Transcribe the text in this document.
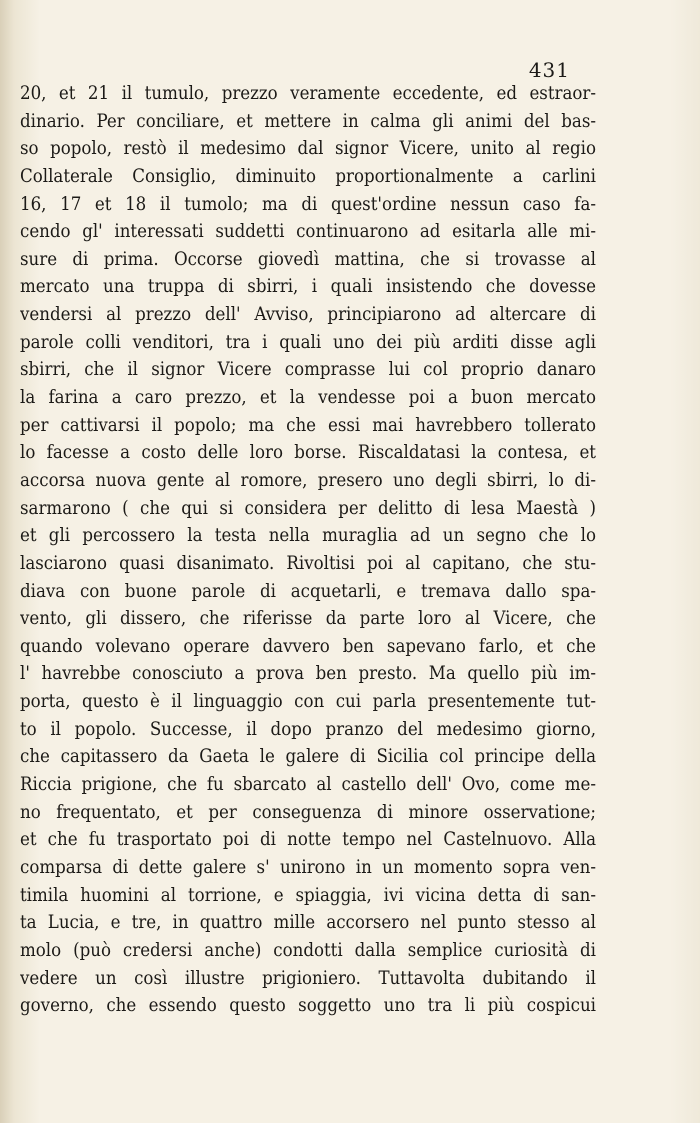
431
20, et 21 il tumulo, prezzo veramente eccedente, ed estraor-
dinario. Per conciliare, et mettere in calma gli animi del bas-
so popolo, restò il medesimo dal signor Vicere, unito al regio
Collaterale Consiglio, diminuito proportionalmente a carlini
16, 17 et 18 il tumolo; ma di quest'ordine nessun caso fa-
cendo gl' interessati suddetti continuarono ad esitarla alle mi-
sure di prima. Occorse giovedì mattina, che si trovasse al
mercato una truppa di sbirri, i quali insistendo che dovesse
vendersi al prezzo dell' Avviso, principiarono ad altercare di
parole colli venditori, tra i quali uno dei più arditi disse agli
sbirri, che il signor Vicere comprasse lui col proprio danaro
la farina a caro prezzo, et la vendesse poi a buon mercato
per cattivarsi il popolo; ma che essi mai havrebbero tollerato
lo facesse a costo delle loro borse. Riscaldatasi la contesa, et
accorsa nuova gente al romore, presero uno degli sbirri, lo di-
sarmarono ( che qui si considera per delitto di lesa Maestà )
et gli percossero la testa nella muraglia ad un segno che lo
lasciarono quasi disanimato. Rivoltisi poi al capitano, che stu-
diava con buone parole di acquetarli, e tremava dallo spa-
vento, gli dissero, che riferisse da parte loro al Vicere, che
quando volevano operare davvero ben sapevano farlo, et che
l' havrebbe conosciuto a prova ben presto. Ma quello più im-
porta, questo è il linguaggio con cui parla presentemente tut-
to il popolo. Successe, il dopo pranzo del medesimo giorno,
che capitassero da Gaeta le galere di Sicilia col principe della
Riccia prigione, che fu sbarcato al castello dell' Ovo, come me-
no frequentato, et per conseguenza di minore osservatione;
et che fu trasportato poi di notte tempo nel Castelnuovo. Alla
comparsa di dette galere s' unirono in un momento sopra ven-
timila huomini al torrione, e spiaggia, ivi vicina detta di san-
ta Lucia, e tre, in quattro mille accorsero nel punto stesso al
molo (può credersi anche) condotti dalla semplice curiosità di
vedere un così illustre prigioniero. Tuttavolta dubitando il
governo, che essendo questo soggetto uno tra li più cospicui
